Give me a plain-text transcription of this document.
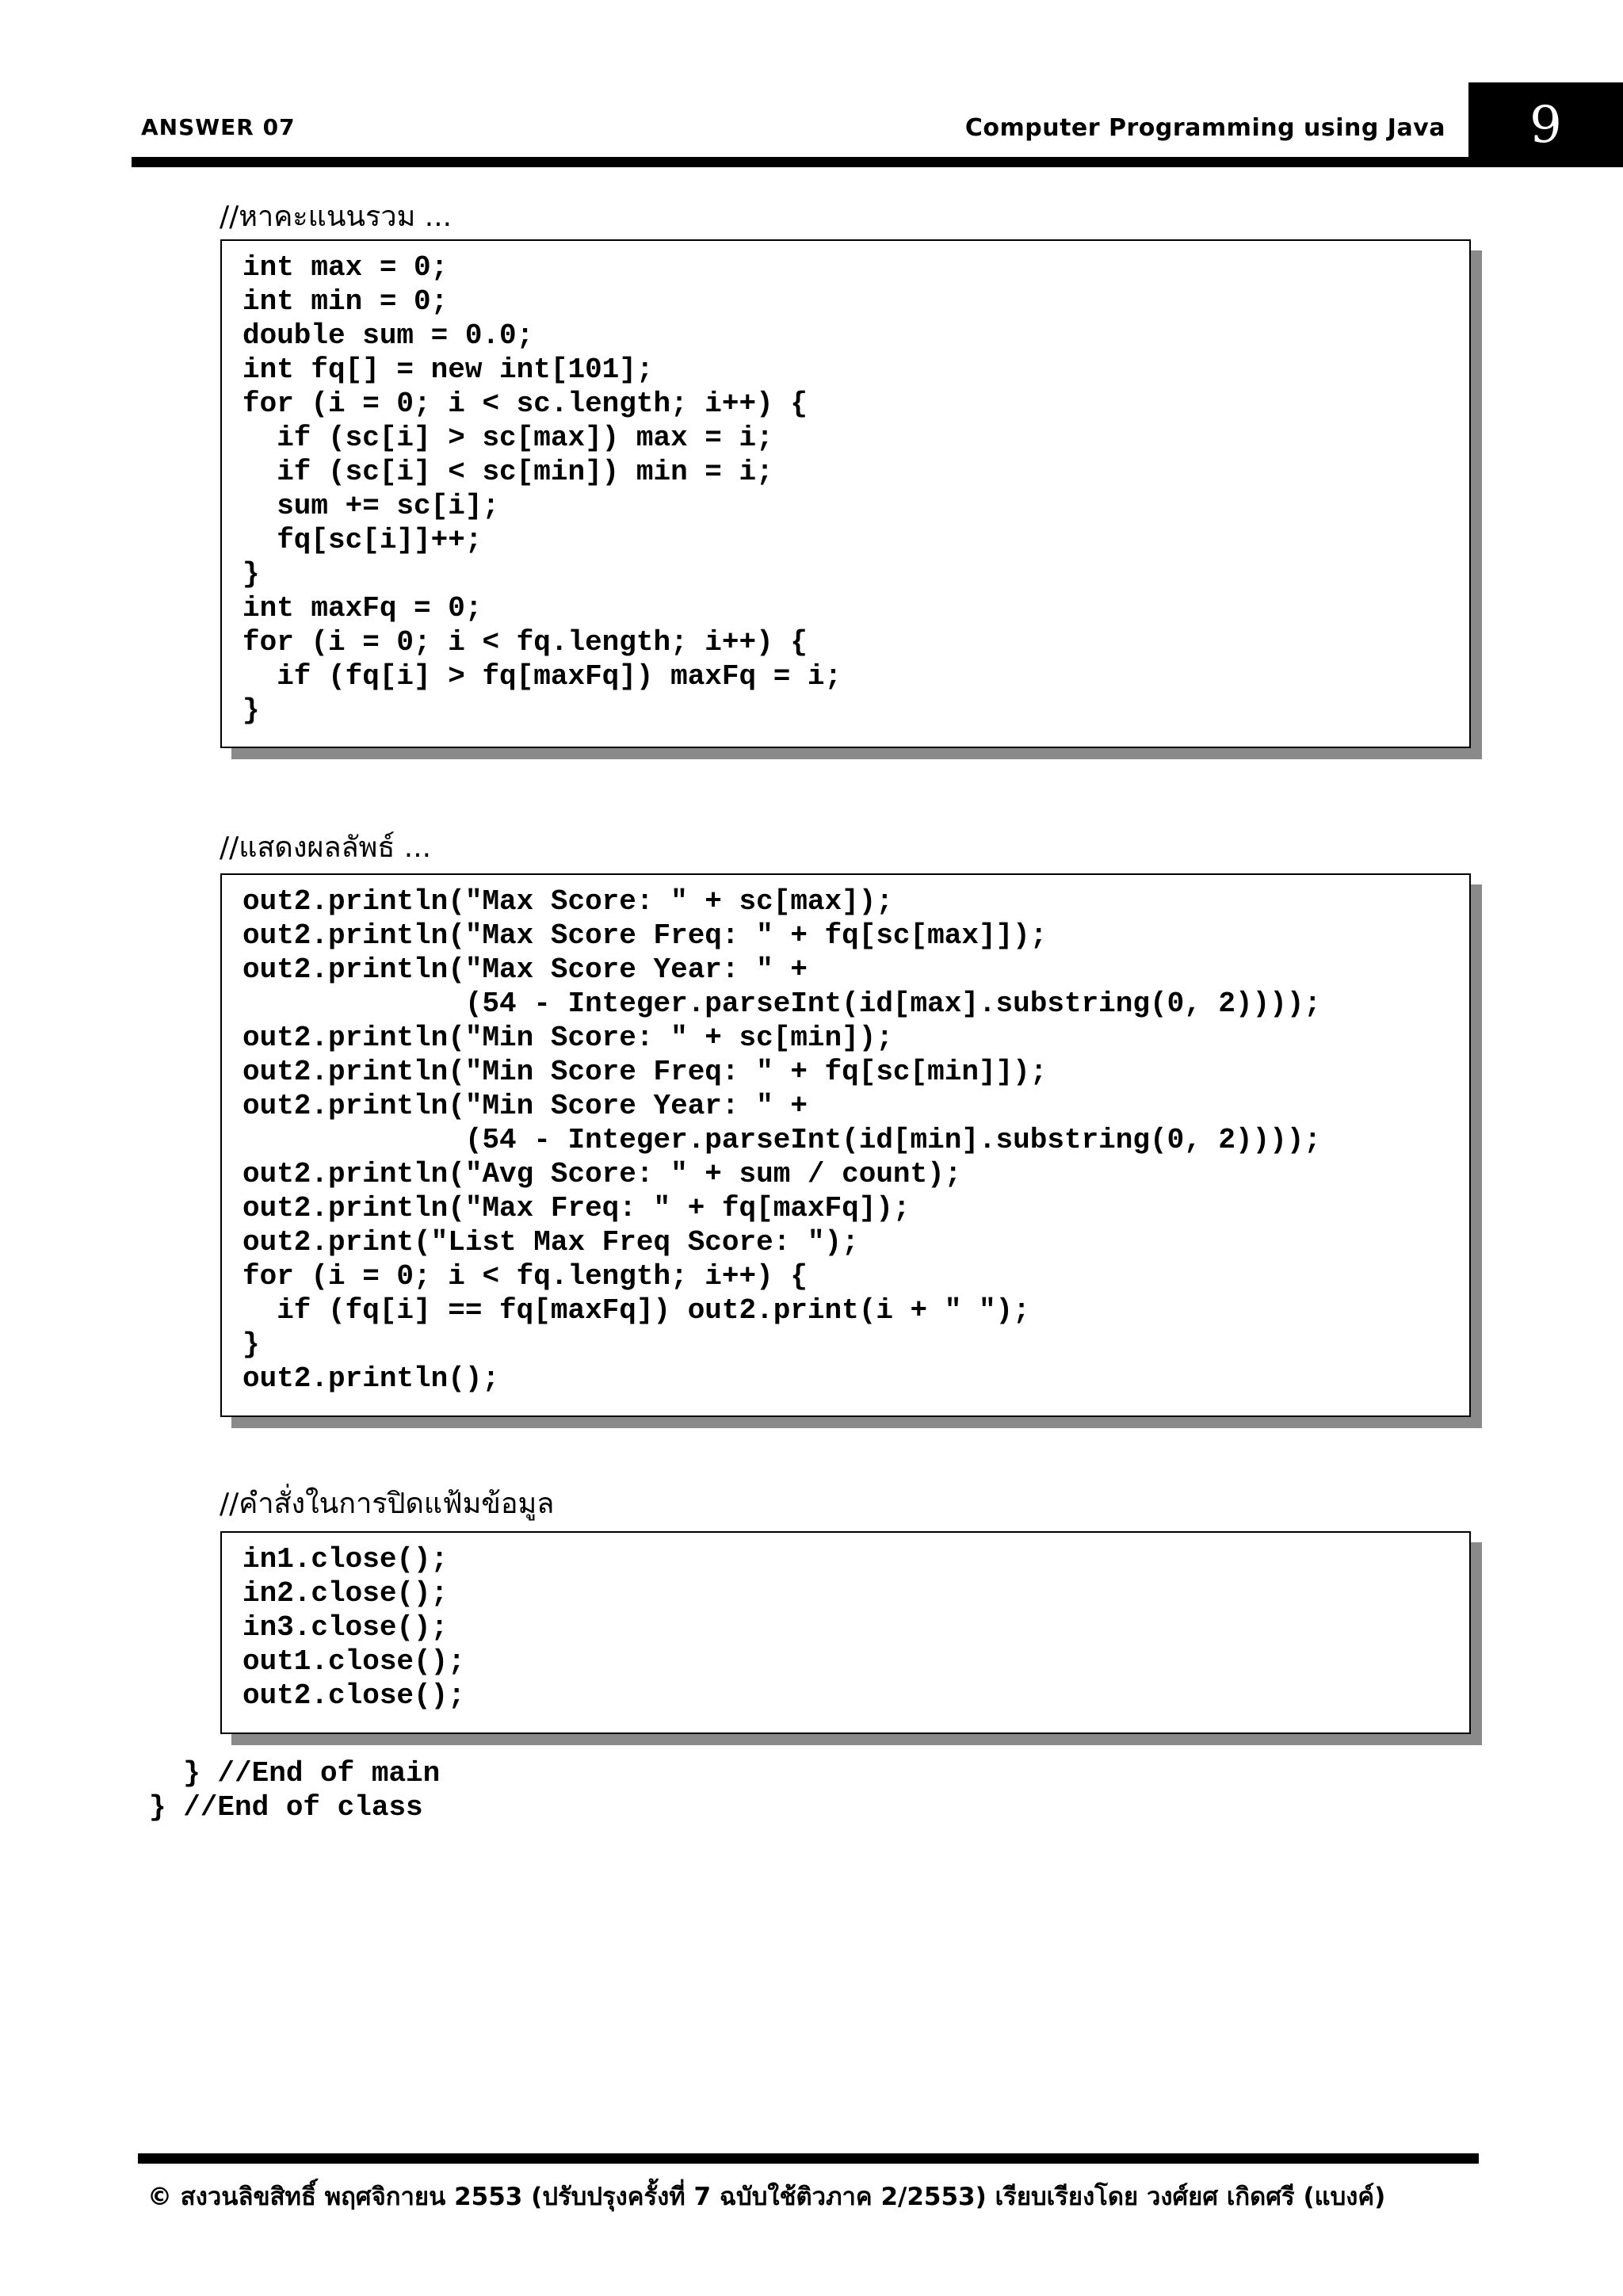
ANSWER 07	Computer Programming using Java 9
//หาคะแนนรวม ...
int max = 0;
int min = 0;
double sum = 0.0;
int fq[] = new int[101];
for (i = 0; i < sc.length; i++) {
if (sc[i] > sc[max]) max = i;
if (sc[i] < sc[min]) min = i;
sum += sc[i];
fq[sc[i]]++;
}
int maxFq = 0;
for (i = 0; i < fq.length; i++) {
if (fq[i] > fq[maxFq]) maxFq = i;
}
//แสดงผลลัพธ์ ...
out2.println("Max Score: " + sc[max]);
out2.println("Max Score Freq: " + fq[sc[max]]);
out2.println("Max Score Year: " +
(54 - Integer.parseInt(id[max].substring(0, 2))));
out2.println("Min Score: " + sc[min]);
out2.println("Min Score Freq: " + fq[sc[min]]);
out2.println("Min Score Year: " +
(54 - Integer.parseInt(id[min].substring(0, 2))));
out2.println("Avg Score: " + sum / count);
out2.println("Max Freq: " + fq[maxFq]);
out2.print("List Max Freq Score: ");
for (i = 0; i < fq.length; i++) {
if (fq[i] == fq[maxFq]) out2.print(i + " ");
}
out2.println();
//คำสั่งในการปิดแฟ้มข้อมูล
in1.close();
in2.close();
in3.close();
out1.close();
out2.close();
} //End of main
} //End of class
© สงวนลิขสิทธิ์ พฤศจิกายน 2553 (ปรับปรุงครั้งที่ 7 ฉบับใช้ติวภาค 2/2553) เรียบเรียงโดย วงศ์ยศ เกิดศรี (แบงค์)
